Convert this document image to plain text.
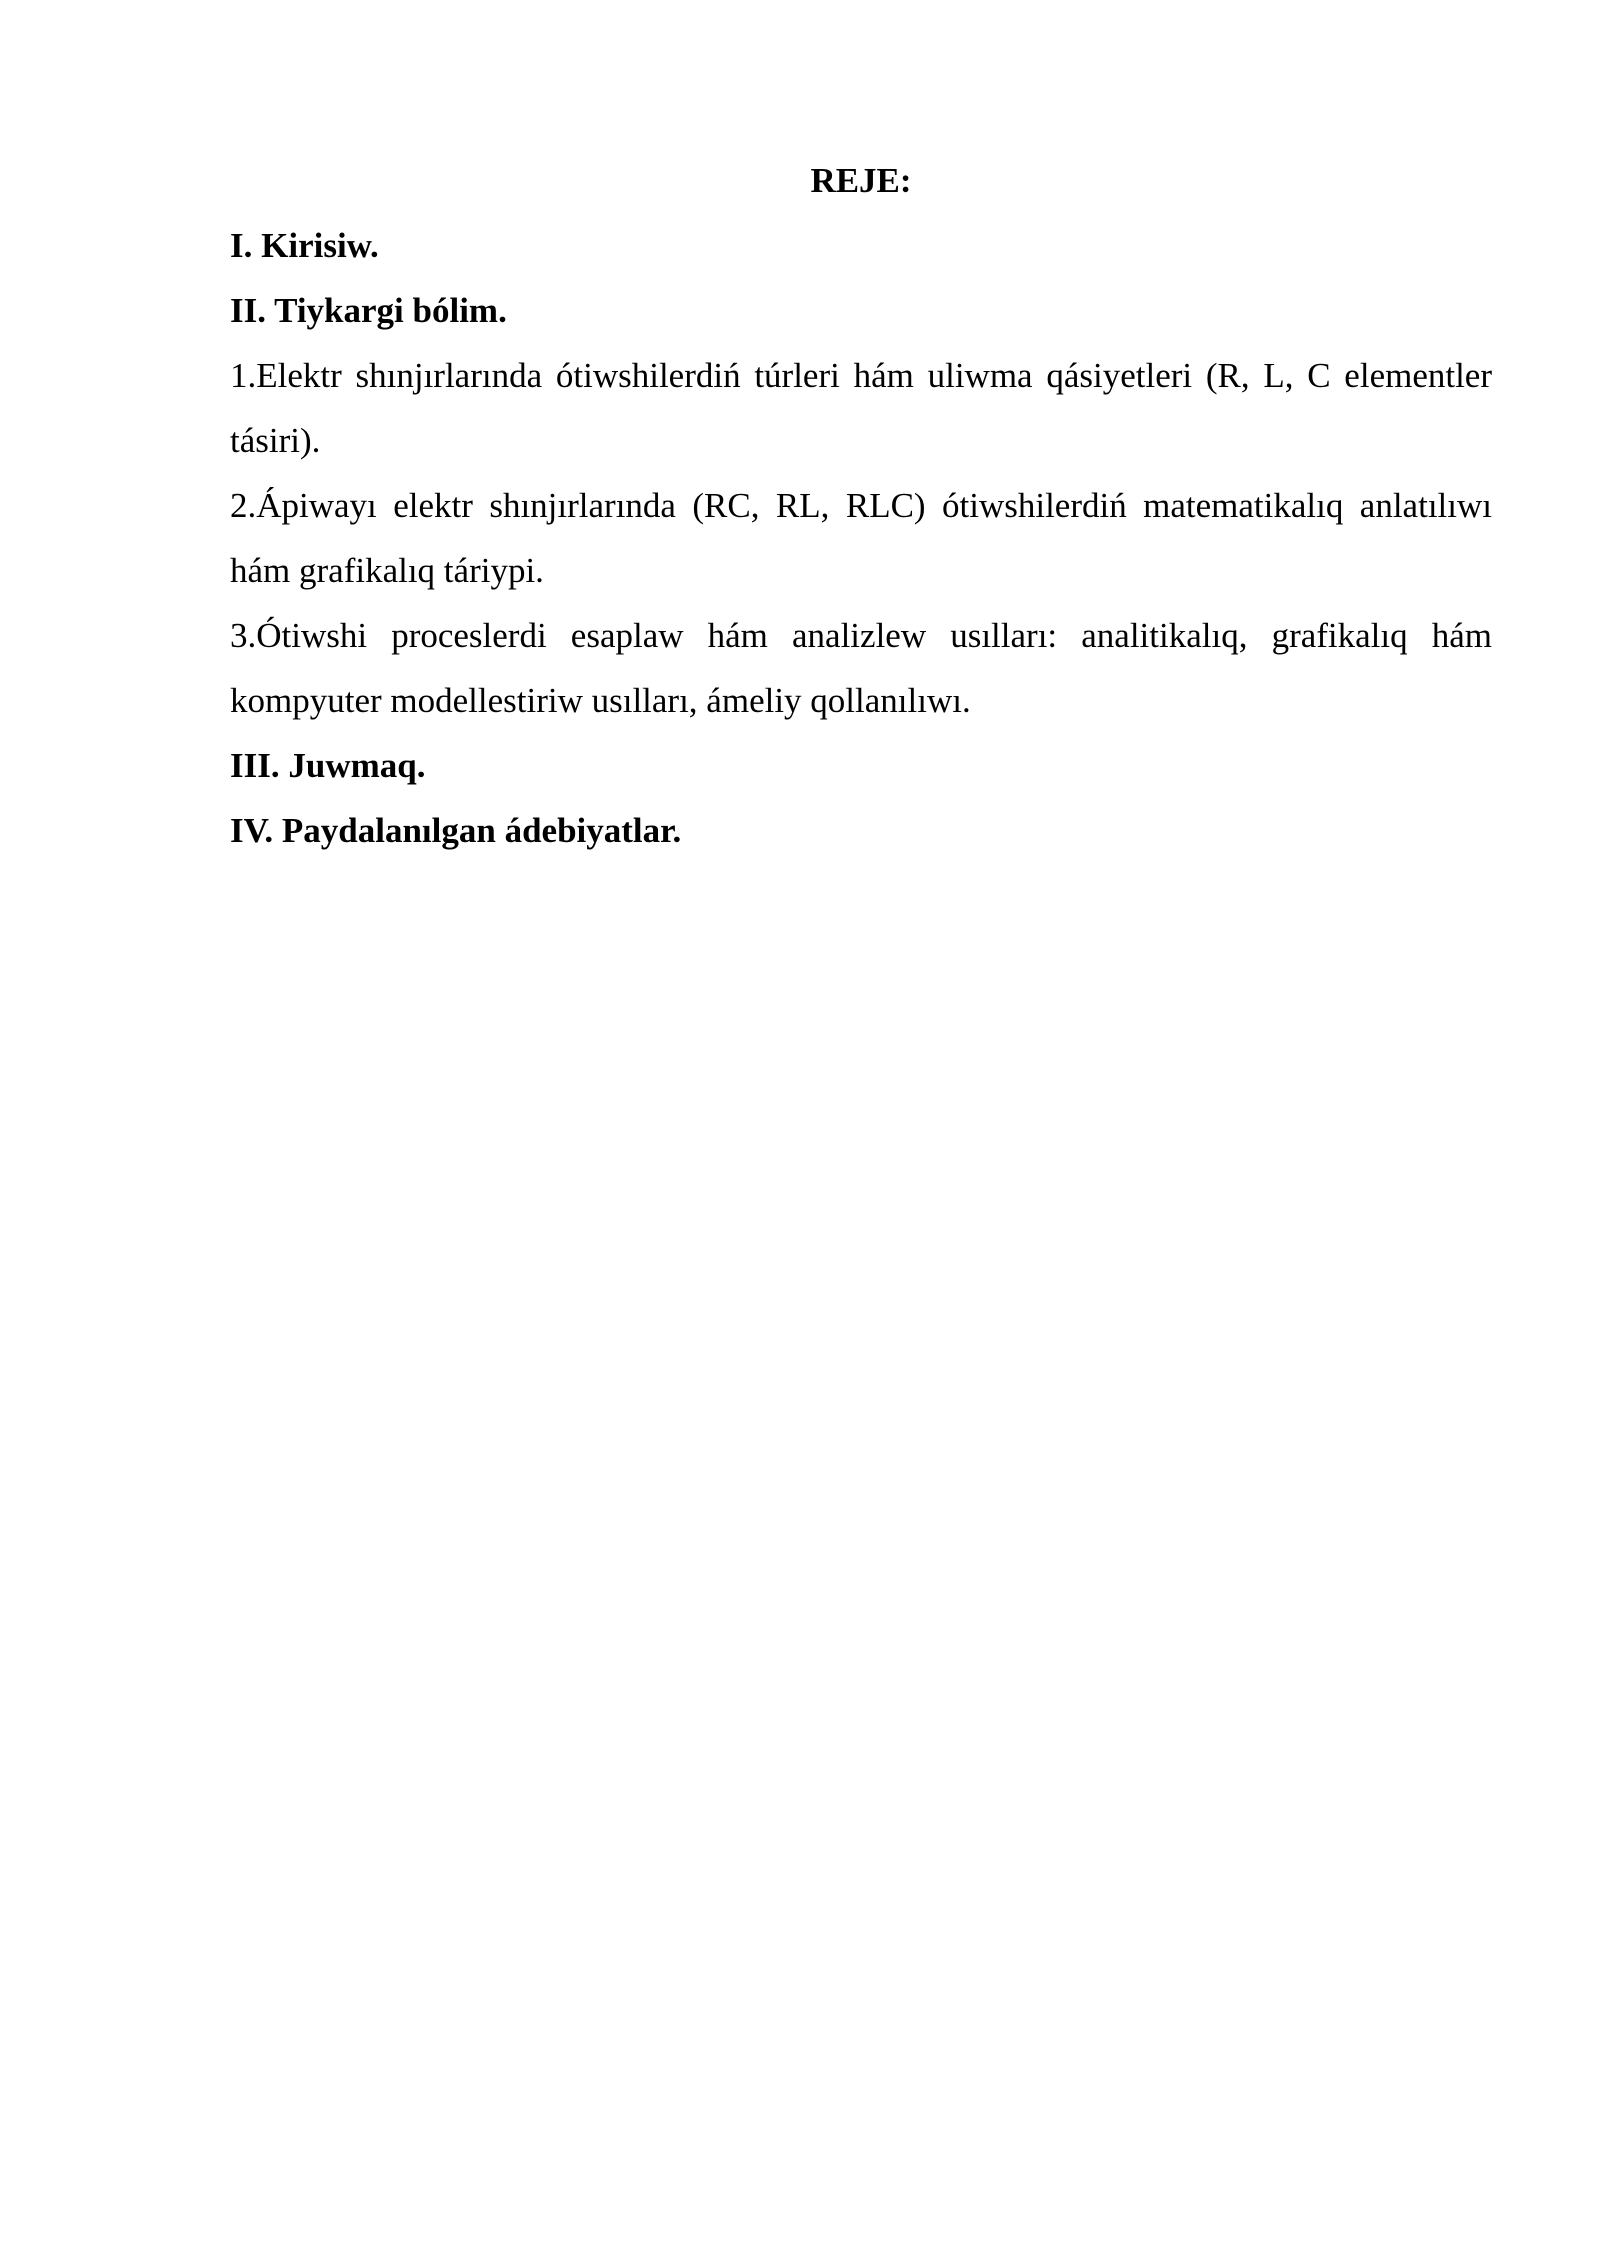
REJE:

I. Kirisiw.

II. Tiykargi bólim.

1.Elektr shınjırlarında ótiwshilerdiń túrleri hám uliwma qásiyetleri (R, L, C elementler tásiri).

2.Ápiwayı elektr shınjırlarında (RC, RL, RLC) ótiwshilerdiń matematikalıq anlatılıwı hám grafikalıq táriypi.

3.Ótiwshi proceslerdi esaplaw hám analizlew usılları: analitikalıq, grafikalıq hám kompyuter modellestiriw usılları, ámeliy qollanılıwı.

III. Juwmaq.

IV. Paydalanılgan ádebiyatlar.
